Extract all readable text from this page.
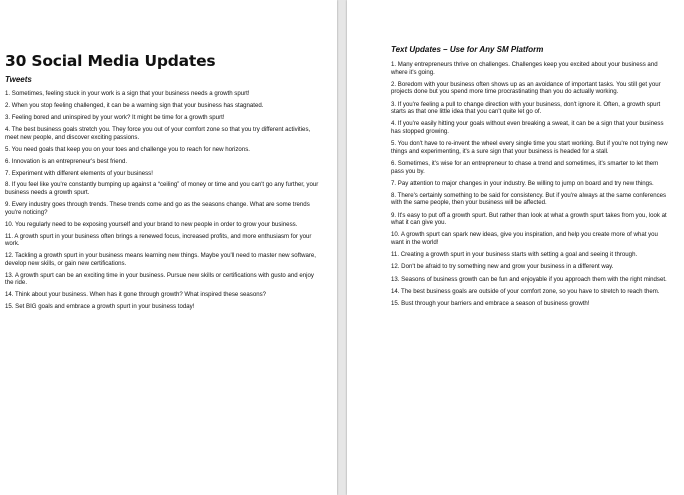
30 Social Media Updates
Tweets

1. Sometimes, feeling stuck in your work is a sign that your business needs a growth spurt!

2. When you stop feeling challenged, it can be a warning sign that your business has stagnated.

3. Feeling bored and uninspired by your work? It might be time for a growth spurt!

4. The best business goals stretch you. They force you out of your comfort zone so that you try different activities, meet new people, and discover exciting passions.

5. You need goals that keep you on your toes and challenge you to reach for new horizons.

6. Innovation is an entrepreneur's best friend.

7. Experiment with different elements of your business!

8. If you feel like you're constantly bumping up against a “ceiling” of money or time and you can't go any further, your business needs a growth spurt.

9. Every industry goes through trends. These trends come and go as the seasons change. What are some trends you're noticing?

10. You regularly need to be exposing yourself and your brand to new people in order to grow your business.

11. A growth spurt in your business often brings a renewed focus, increased profits, and more enthusiasm for your work.

12. Tackling a growth spurt in your business means learning new things. Maybe you'll need to master new software, develop new skills, or gain new certifications.

13. A growth spurt can be an exciting time in your business. Pursue new skills or certifications with gusto and enjoy the ride.

14. Think about your business. When has it gone through growth? What inspired these seasons?

15. Set BIG goals and embrace a growth spurt in your business today!

Text Updates – Use for Any SM Platform

1. Many entrepreneurs thrive on challenges. Challenges keep you excited about your business and where it's going.

2. Boredom with your business often shows up as an avoidance of important tasks. You still get your projects done but you spend more time procrastinating than you do actually working.

3. If you're feeling a pull to change direction with your business, don't ignore it. Often, a growth spurt starts as that one little idea that you can't quite let go of.

4. If you're easily hitting your goals without even breaking a sweat, it can be a sign that your business has stopped growing.

5. You don't have to re-invent the wheel every single time you start working. But if you're not trying new things and experimenting, it's a sure sign that your business is headed for a stall.

6. Sometimes, it's wise for an entrepreneur to chase a trend and sometimes, it's smarter to let them pass you by.

7. Pay attention to major changes in your industry. Be willing to jump on board and try new things.

8. There's certainly something to be said for consistency. But if you're always at the same conferences with the same people, then your business will be affected.

9. It's easy to put off a growth spurt. But rather than look at what a growth spurt takes from you, look at what it can give you.

10. A growth spurt can spark new ideas, give you inspiration, and help you create more of what you want in the world!

11. Creating a growth spurt in your business starts with setting a goal and seeing it through.

12. Don't be afraid to try something new and grow your business in a different way.

13. Seasons of business growth can be fun and enjoyable if you approach them with the right mindset.

14. The best business goals are outside of your comfort zone, so you have to stretch to reach them.

15. Bust through your barriers and embrace a season of business growth!
